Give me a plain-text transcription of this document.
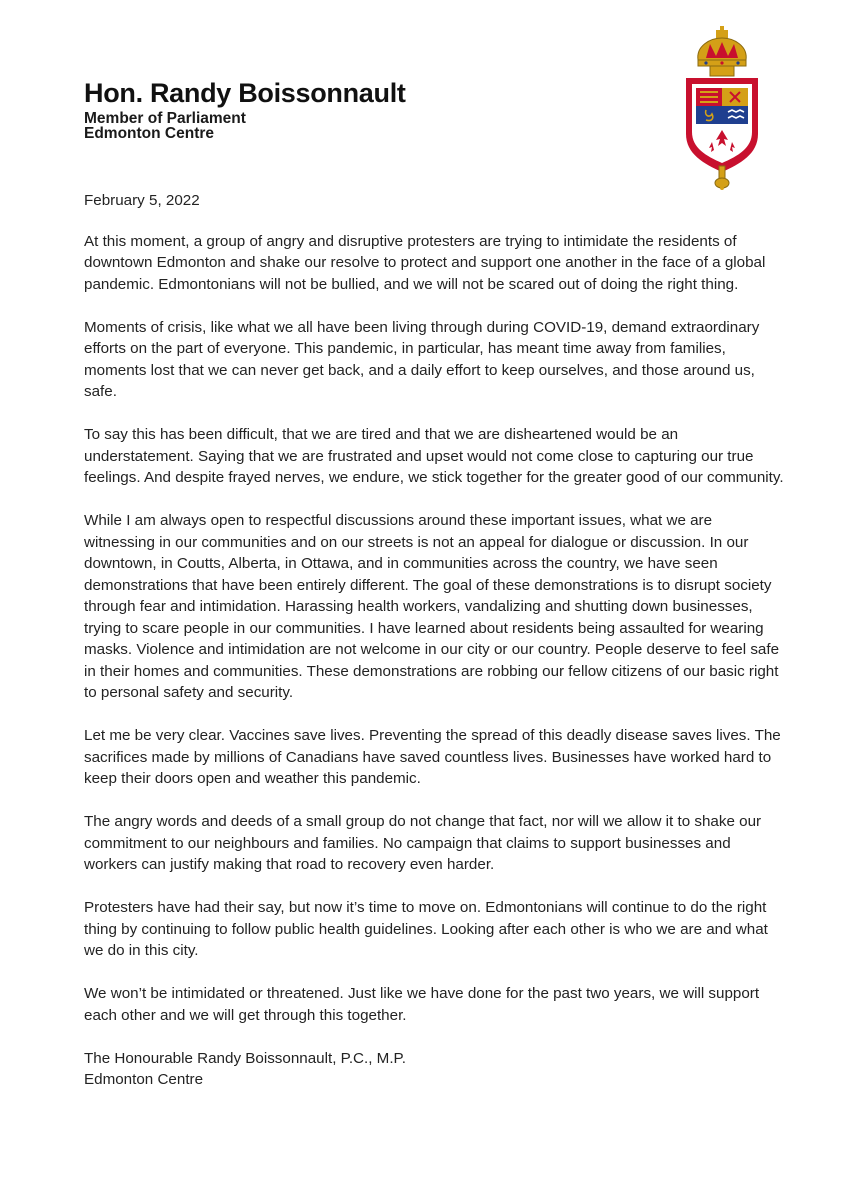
Hon. Randy Boissonnault
Member of Parliament
Edmonton Centre

February 5, 2022

At this moment, a group of angry and disruptive protesters are trying to intimidate the residents of downtown Edmonton and shake our resolve to protect and support one another in the face of a global pandemic. Edmontonians will not be bullied, and we will not be scared out of doing the right thing.

Moments of crisis, like what we all have been living through during COVID-19, demand extraordinary efforts on the part of everyone. This pandemic, in particular, has meant time away from families, moments lost that we can never get back, and a daily effort to keep ourselves, and those around us, safe.

To say this has been difficult, that we are tired and that we are disheartened would be an understatement. Saying that we are frustrated and upset would not come close to capturing our true feelings. And despite frayed nerves, we endure, we stick together for the greater good of our community.

While I am always open to respectful discussions around these important issues, what we are witnessing in our communities and on our streets is not an appeal for dialogue or discussion. In our downtown, in Coutts, Alberta, in Ottawa, and in communities across the country, we have seen demonstrations that have been entirely different. The goal of these demonstrations is to disrupt society through fear and intimidation. Harassing health workers, vandalizing and shutting down businesses, trying to scare people in our communities. I have learned about residents being assaulted for wearing masks. Violence and intimidation are not welcome in our city or our country. People deserve to feel safe in their homes and communities. These demonstrations are robbing our fellow citizens of our basic right to personal safety and security.

Let me be very clear. Vaccines save lives. Preventing the spread of this deadly disease saves lives. The sacrifices made by millions of Canadians have saved countless lives. Businesses have worked hard to keep their doors open and weather this pandemic.

The angry words and deeds of a small group do not change that fact, nor will we allow it to shake our commitment to our neighbours and families. No campaign that claims to support businesses and workers can justify making that road to recovery even harder.

Protesters have had their say, but now it’s time to move on. Edmontonians will continue to do the right thing by continuing to follow public health guidelines. Looking after each other is who we are and what we do in this city.

We won’t be intimidated or threatened. Just like we have done for the past two years, we will support each other and we will get through this together.

The Honourable Randy Boissonnault, P.C., M.P.

Edmonton Centre
